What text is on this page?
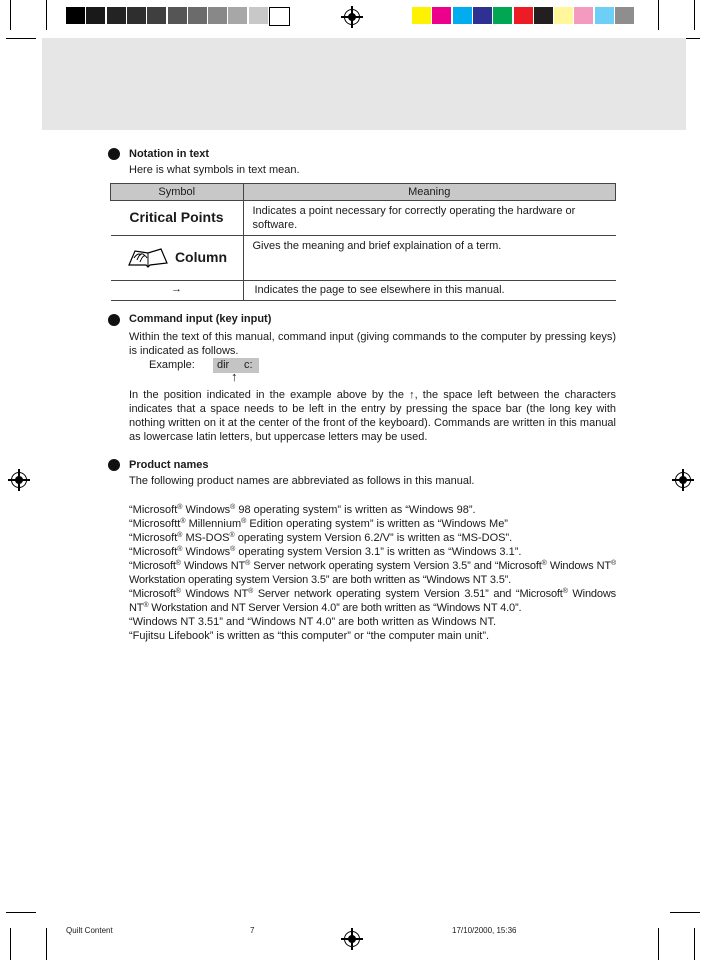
Notation in text
Here is what symbols in text mean.
Symbol	Meaning
Critical Points	Indicates a point necessary for correctly operating the hardware or software.

Column	Gives the meaning and brief explaination of a term.
→	Indicates the page to see elsewhere in this manual.
Command input (key input)
Within the text of this manual, command input (giving commands to the computer by pressing keys) is indicated as follows.
Example: dir c:
↑
In the position indicated in the example above by the ↑, the space left between the characters indicates that a space needs to be left in the entry by pressing the space bar (the long key with nothing written on it at the center of the front of the keyboard). Commands are written in this manual as lowercase latin letters, but uppercase letters may be used.
Product names
The following product names are abbreviated as follows in this manual.
“Microsoft® Windows® 98 operating system” is written as “Windows 98”.
“Microsoftt® Millennium® Edition operating system” is written as “Windows Me”
“Microsoft® MS-DOS® operating system Version 6.2/V” is written as “MS-DOS”.
“Microsoft® Windows® operating system Version 3.1” is written as “Windows 3.1”.
“Microsoft® Windows NT® Server network operating system Version 3.5” and “Microsoft® Windows NT® Workstation operating system Version 3.5” are both written as “Windows NT 3.5”.
“Microsoft® Windows NT® Server network operating system Version 3.51” and “Microsoft® Windows NT® Workstation and NT Server Version 4.0” are both written as “Windows NT 4.0”.
“Windows NT 3.51” and “Windows NT 4.0” are both written as Windows NT.
“Fujitsu Lifebook” is written as “this computer” or “the computer main unit”.
Quilt Content	7	17/10/2000, 15:36
